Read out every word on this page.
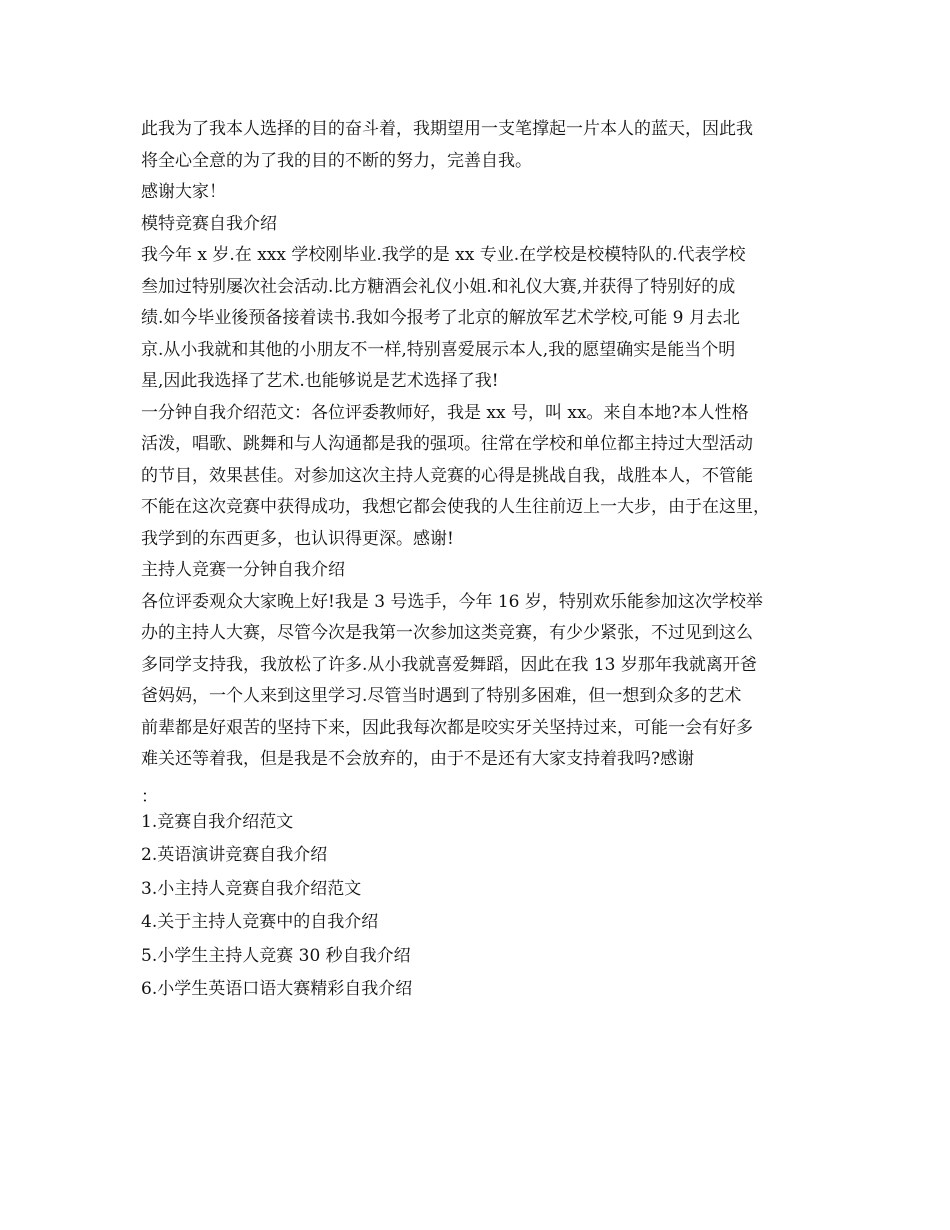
此我为了我本人选择的目的奋斗着，我期望用一支笔撑起一片本人的蓝天，因此我
将全心全意的为了我的目的不断的努力，完善自我。
感谢大家！
模特竞赛自我介绍
我今年 x 岁.在 xxx 学校刚毕业.我学的是 xx 专业.在学校是校模特队的.代表学校
叁加过特别屡次社会活动.比方糖酒会礼仪小姐.和礼仪大赛,并获得了特别好的成
绩.如今毕业後预备接着读书.我如今报考了北京的解放军艺术学校,可能 9 月去北
京.从小我就和其他的小朋友不一样,特别喜爱展示本人,我的愿望确实是能当个明
星,因此我选择了艺术.也能够说是艺术选择了我!
一分钟自我介绍范文：各位评委教师好，我是 xx 号，叫 xx。来自本地?本人性格
活泼，唱歌、跳舞和与人沟通都是我的强项。往常在学校和单位都主持过大型活动
的节目，效果甚佳。对参加这次主持人竞赛的心得是挑战自我，战胜本人，不管能
不能在这次竞赛中获得成功，我想它都会使我的人生往前迈上一大步，由于在这里，
我学到的东西更多，也认识得更深。感谢!
主持人竞赛一分钟自我介绍
各位评委观众大家晚上好!我是 3 号选手，今年 16 岁，特别欢乐能参加这次学校举
办的主持人大赛，尽管今次是我第一次参加这类竞赛，有少少紧张，不过见到这么
多同学支持我，我放松了许多.从小我就喜爱舞蹈，因此在我 13 岁那年我就离开爸
爸妈妈，一个人来到这里学习.尽管当时遇到了特别多困难，但一想到众多的艺术
前辈都是好艰苦的坚持下来，因此我每次都是咬实牙关坚持过来，可能一会有好多
难关还等着我，但是我是不会放弃的，由于不是还有大家支持着我吗?感谢
：
1.竞赛自我介绍范文
2.英语演讲竞赛自我介绍
3.小主持人竞赛自我介绍范文
4.关于主持人竞赛中的自我介绍
5.小学生主持人竞赛 30 秒自我介绍
6.小学生英语口语大赛精彩自我介绍
